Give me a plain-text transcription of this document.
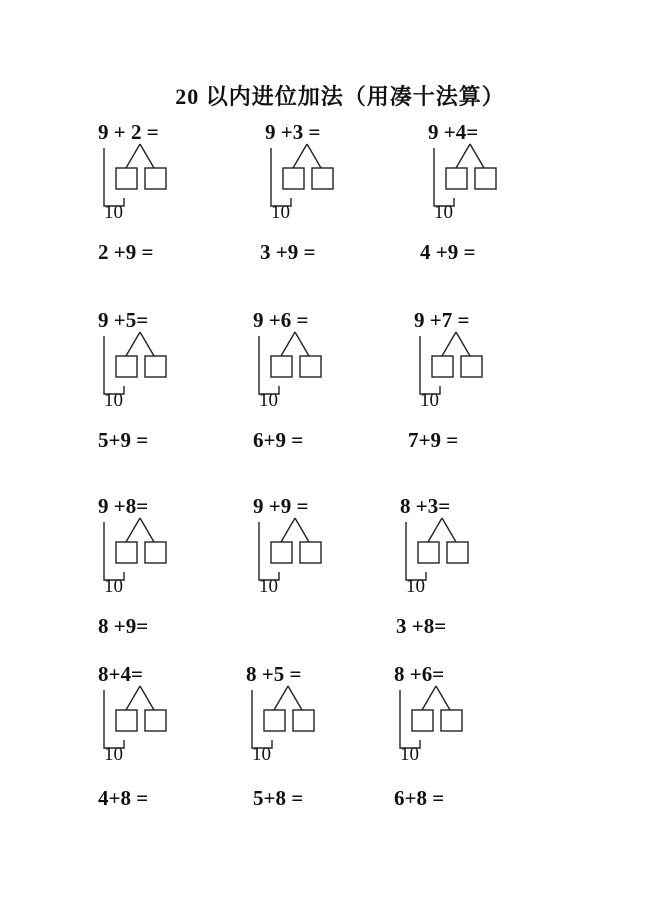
20 以内进位加法（用凑十法算）
9 + 2 =
10
2 +9 =
9 +3 =
10
3 +9 =
9 +4=
10
4 +9 =
9 +5=
10
5+9 =
9 +6 =
10
6+9 =
9 +7 =
10
7+9 =
9 +8=
10
8 +9=
9 +9 =
10
8 +3=
10
3 +8=
8+4=
10
4+8 =
8 +5 =
10
5+8 =
8 +6=
10
6+8 =
